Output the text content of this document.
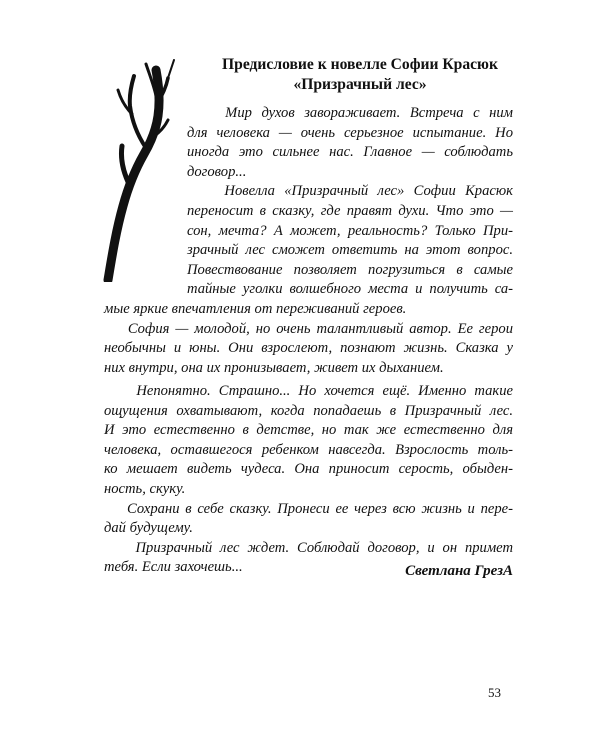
Предисловие к новелле Софии Красюк
«Призрачный лес»
Мир духов завораживает. Встреча с ним
для человека — очень серьезное испытание. Но
иногда это сильнее нас. Главное — соблюдать
договор...
Новелла «Призрачный лес» Софии Красюк
переносит в сказку, где правят духи. Что это —
сон, мечта? А может, реальность? Только При-
зрачный лес сможет ответить на этот вопрос.
Повествование позволяет погрузиться в самые
тайные уголки волшебного места и получить са-
мые яркие впечатления от переживаний героев.
София — молодой, но очень талантливый автор. Ее герои
необычны и юны. Они взрослеют, познают жизнь. Сказка у
них внутри, она их пронизывает, живет их дыханием.
Непонятно. Страшно... Но хочется ещё. Именно такие
ощущения охватывают, когда попадаешь в Призрачный лес.
И это естественно в детстве, но так же естественно для
человека, оставшегося ребенком навсегда. Взрослость толь-
ко мешает видеть чудеса. Она приносит серость, обыден-
ность, скуку.
Сохрани в себе сказку. Пронеси ее через всю жизнь и пере-
дай будущему.
Призрачный лес ждет. Соблюдай договор, и он примет
тебя. Если захочешь...	Светлана ГрезА
53
